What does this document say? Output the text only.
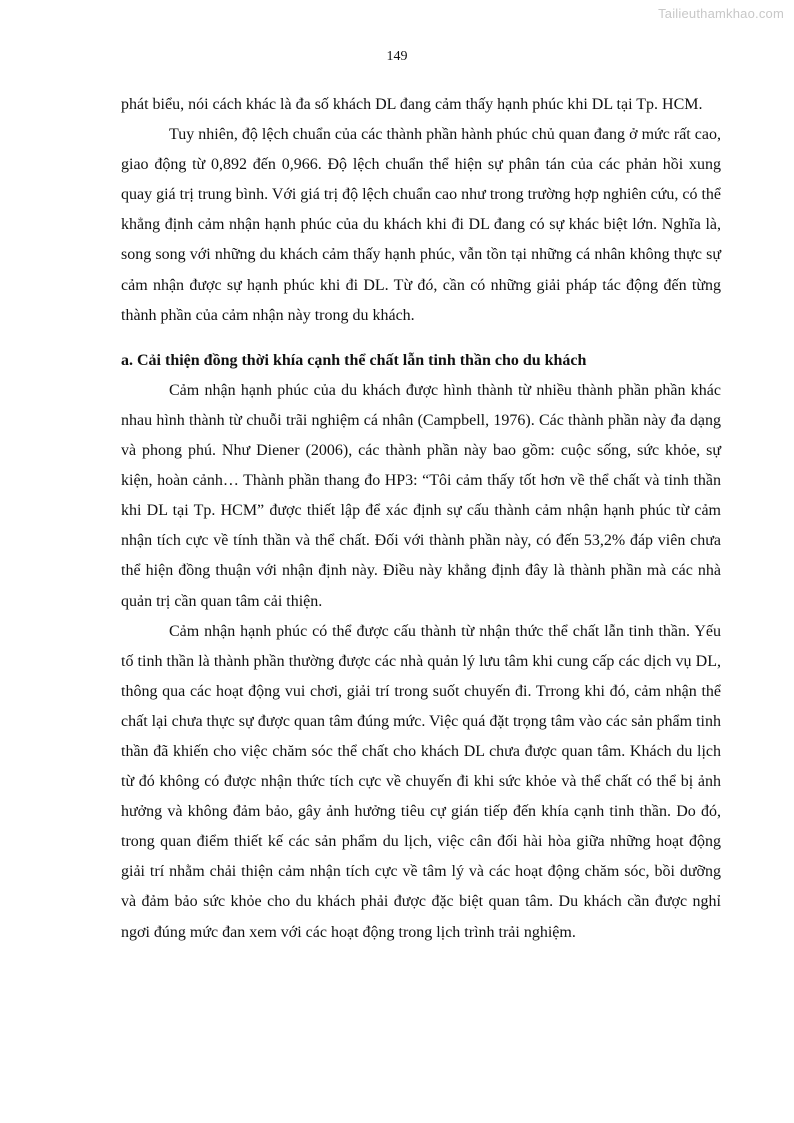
Tailieuthamkhao.com
149

phát biểu, nói cách khác là đa số khách DL đang cảm thấy hạnh phúc khi DL tại Tp. HCM.

Tuy nhiên, độ lệch chuẩn của các thành phần hành phúc chủ quan đang ở mức rất cao, giao động từ 0,892 đến 0,966. Độ lệch chuẩn thể hiện sự phân tán của các phản hồi xung quay giá trị trung bình. Với giá trị độ lệch chuẩn cao như trong trường hợp nghiên cứu, có thể khẳng định cảm nhận hạnh phúc của du khách khi đi DL đang có sự khác biệt lớn. Nghĩa là, song song với những du khách cảm thấy hạnh phúc, vẫn tồn tại những cá nhân không thực sự cảm nhận được sự hạnh phúc khi đi DL. Từ đó, cần có những giải pháp tác động đến từng thành phần của cảm nhận này trong du khách.

a. Cải thiện đồng thời khía cạnh thể chất lẫn tinh thần cho du khách

Cảm nhận hạnh phúc của du khách được hình thành từ nhiều thành phần phần khác nhau hình thành từ chuỗi trãi nghiệm cá nhân (Campbell, 1976). Các thành phần này đa dạng và phong phú. Như Diener (2006), các thành phần này bao gồm: cuộc sống, sức khỏe, sự kiện, hoàn cảnh… Thành phần thang đo HP3: “Tôi cảm thấy tốt hơn về thể chất và tinh thần khi DL tại Tp. HCM” được thiết lập để xác định sự cấu thành cảm nhận hạnh phúc từ cảm nhận tích cực về tính thần và thể chất. Đối với thành phần này, có đến 53,2% đáp viên chưa thể hiện đồng thuận với nhận định này. Điều này khẳng định đây là thành phần mà các nhà quản trị cần quan tâm cải thiện.

Cảm nhận hạnh phúc có thể được cấu thành từ nhận thức thể chất lẫn tinh thần. Yếu tố tinh thần là thành phần thường được các nhà quản lý lưu tâm khi cung cấp các dịch vụ DL, thông qua các hoạt động vui chơi, giải trí trong suốt chuyến đi. Trrong khi đó, cảm nhận thể chất lại chưa thực sự được quan tâm đúng mức. Việc quá đặt trọng tâm vào các sản phẩm tinh thần đã khiến cho việc chăm sóc thể chất cho khách DL chưa được quan tâm. Khách du lịch từ đó không có được nhận thức tích cực về chuyến đi khi sức khỏe và thể chất có thể bị ảnh hưởng và không đảm bảo, gây ảnh hưởng tiêu cự gián tiếp đến khía cạnh tinh thần. Do đó, trong quan điểm thiết kế các sản phẩm du lịch, việc cân đối hài hòa giữa những hoạt động giải trí nhằm chải thiện cảm nhận tích cực về tâm lý và các hoạt động chăm sóc, bồi dưỡng và đảm bảo sức khỏe cho du khách phải được đặc biệt quan tâm. Du khách cần được nghỉ ngơi đúng mức đan xem với các hoạt động trong lịch trình trải nghiệm.
